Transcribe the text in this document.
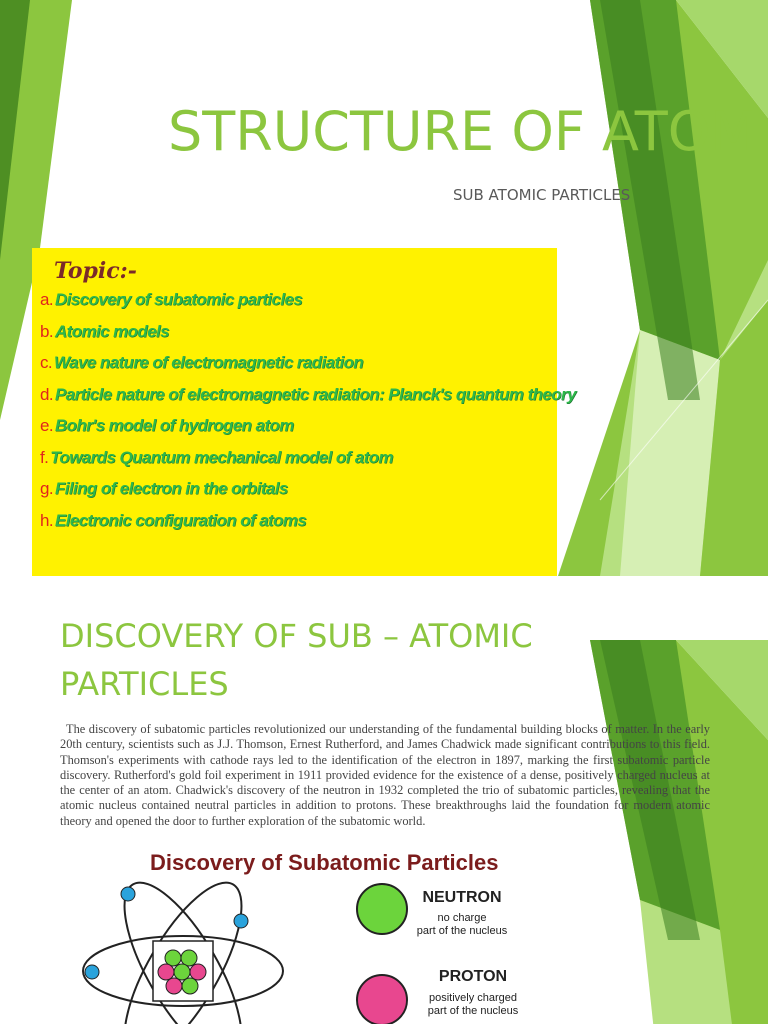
STRUCTURE OF ATOM
SUB ATOMIC PARTICLES
Topic:-
a. Discovery of subatomic particles
b. Atomic models
c. Wave nature of electromagnetic radiation
d. Particle nature of electromagnetic radiation: Planck's quantum theory
e. Bohr's model of hydrogen atom
f. Towards Quantum mechanical model of atom
g. Filing of electron in the orbitals
h. Electronic configuration of atoms
DISCOVERY OF SUB – ATOMIC PARTICLES
The discovery of subatomic particles revolutionized our understanding of the fundamental building blocks of matter. In the early 20th century, scientists such as J.J. Thomson, Ernest Rutherford, and James Chadwick made significant contributions to this field. Thomson's experiments with cathode rays led to the identification of the electron in 1897, marking the first subatomic particle discovery. Rutherford's gold foil experiment in 1911 provided evidence for the existence of a dense, positively charged nucleus at the center of an atom. Chadwick's discovery of the neutron in 1932 completed the trio of subatomic particles, revealing that the atomic nucleus contained neutral particles in addition to protons. These breakthroughs laid the foundation for modern atomic theory and opened the door to further exploration of the subatomic world.
Discovery of Subatomic Particles
NEUTRON
no charge
part of the nucleus
PROTON
positively charged
part of the nucleus
